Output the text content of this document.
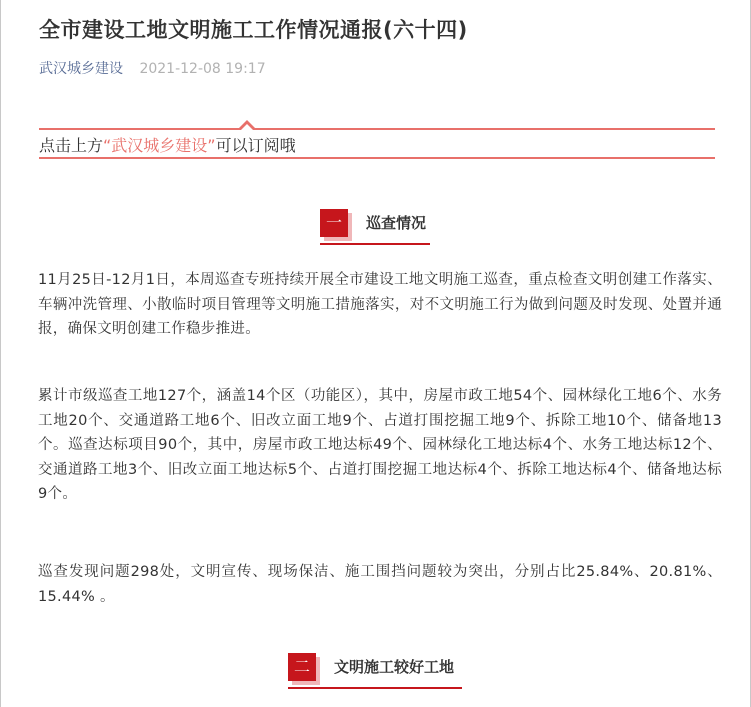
全市建设工地文明施工工作情况通报(六十四)
武汉城乡建设 2021-12-08 19:17
点击上方“武汉城乡建设”可以订阅哦
一	巡查情况
11月25日-12月1日，本周巡查专班持续开展全市建设工地文明施工巡查，重点检查文明创建工作落实、车辆冲洗管理、小散临时项目管理等文明施工措施落实，对不文明施工行为做到问题及时发现、处置并通报，确保文明创建工作稳步推进。
累计市级巡查工地127个，涵盖14个区（功能区），其中，房屋市政工地54个、园林绿化工地6个、水务工地20个、交通道路工地6个、旧改立面工地9个、占道打围挖掘工地9个、拆除工地10个、储备地13个。巡查达标项目90个，其中，房屋市政工地达标49个、园林绿化工地达标4个、水务工地达标12个、交通道路工地3个、旧改立面工地达标5个、占道打围挖掘工地达标4个、拆除工地达标4个、储备地达标9个。
巡查发现问题298处，文明宣传、现场保洁、施工围挡问题较为突出，分别占比25.84%、20.81%、15.44% 。
二	文明施工较好工地
